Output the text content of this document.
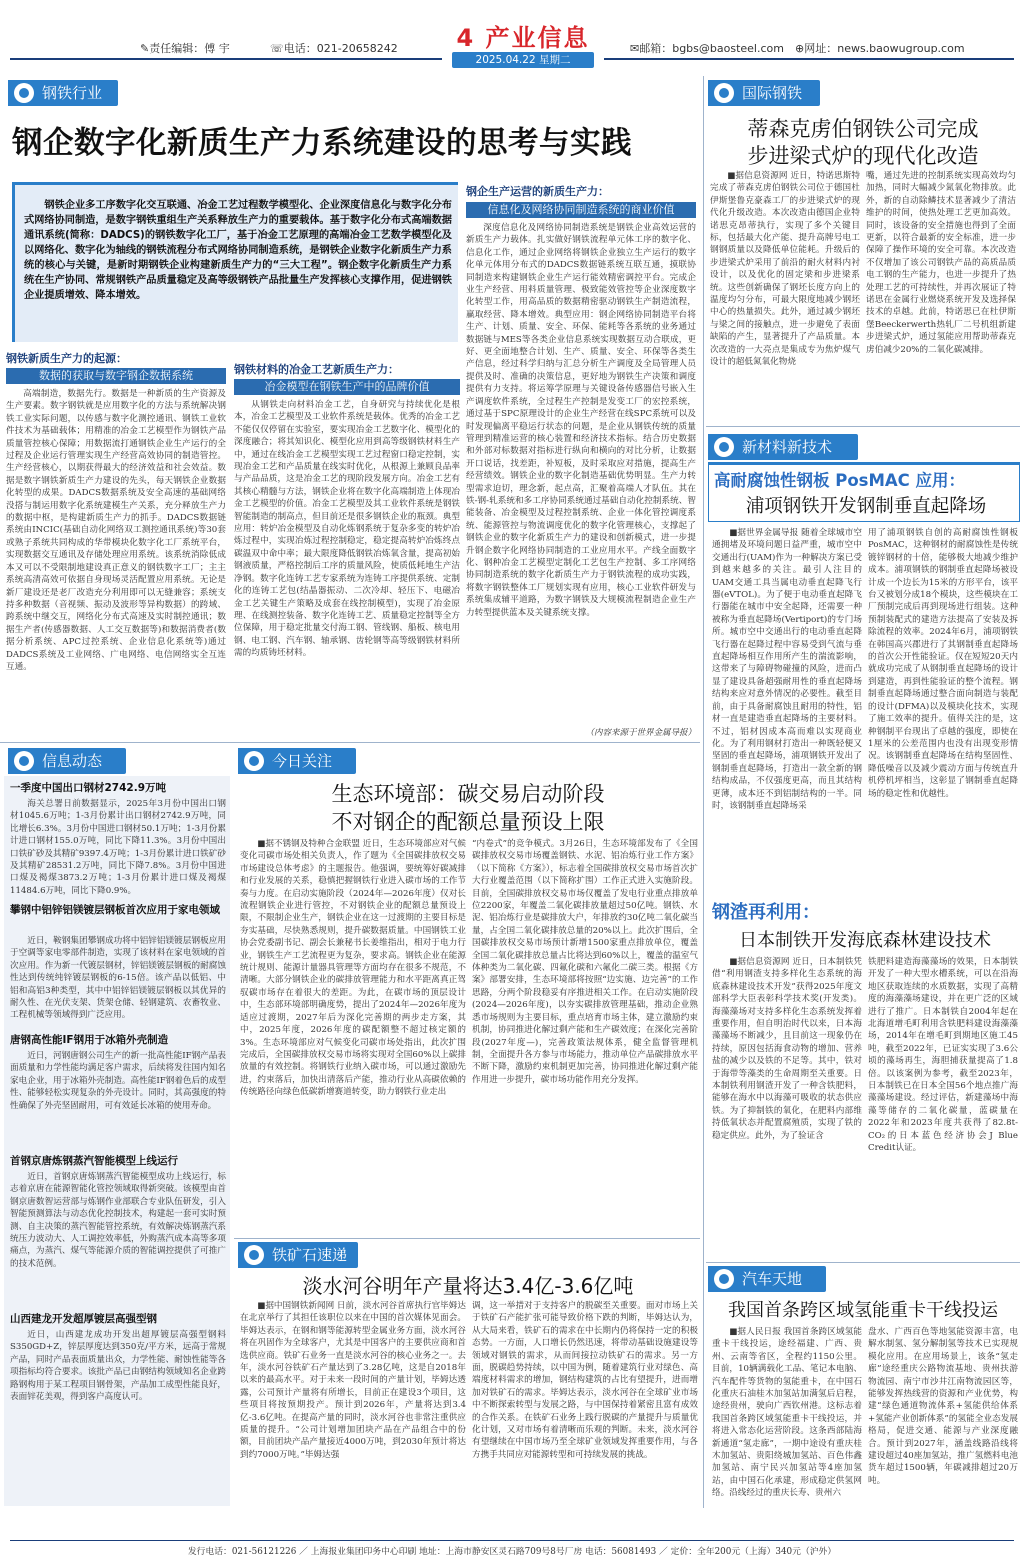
✎责任编辑：傅 宇	☏电话：021-20658242	4 产业信息
2025.04.22 星期二
✉邮箱：bgbs@baosteel.com ⊕网址：news.baowugroup.com
钢铁行业
钢企数字化新质生产力系统建设的思考与实践
钢铁企业多工序数字化交互联通、冶金工艺过程数学模型化、企业深度信息化与数字化分布式网络协同制造，是数字钢铁重组生产关系释放生产力的重要载体。基于数字化分布式高端数据通讯系统(简称：DADCS)的钢铁数字化工厂，基于冶金工艺原理的高端冶金工艺数学模型化及以网络化、数字化为轴线的钢铁流程分布式网络协同制造系统，是钢铁企业数字化新质生产力系统的核心与关键，是新时期钢铁企业构建新质生产力的“三大工程”。钢企数字化新质生产力系统在生产协同、常规钢铁产品质量稳定及高等级钢铁产品批量生产发挥核心支撑作用，促进钢铁企业提质增效、降本增效。
钢铁新质生产力的起源：
数据的获取与数字钢企数据系统
高端制造，数据先行。数据是一种新质的生产资源及生产要素。数字钢铁就是应用数字化的方法与系统解决钢铁工业实际问题，以传感与数字化测控通讯、钢铁工业软件技术为基础载体；用精准的冶金工艺模型作为钢铁产品质量管控核心保障；用数据流打通钢铁企业生产运行的全过程及企业运行管理实现生产经营高效协同的制造管控。生产经营核心，以期获得最大的经济效益和社会效益。数据是数字钢铁新质生产力建设的先头，每天钢铁企业数据化转型的成果。DADCS数据系统及安全高速的基础网络没搭与制运用数字化系统建模生产关系，充分释放生产力的数据中枢，是构建新质生产力的抓手。DADCS数据链系统由INCIC(基础自动化网络双工测控通讯系统)等30套或熟子系统共同构成的华带模块化数字化工厂系统平台，实现数据交互通讯及存储处理应用系统。该系统消除低成本又可以不受限制地建设真正意义的钢铁数字工厂；主主系统高清高效可依据自身现场灵活配置应用系统。无论是新厂建设还是老厂改造充分利用即可以无缝兼容；系统支持多种数据（音视频、振动及波形等异构数据）的跨域、跨系统中继交互，网络化分布式高速及实时制控通讯；数据生产者(传感器数据、人工交互数据等)和数据消费者(数据分析系统、APC过控系统、企业信息化系统等)通过DADCS系统及工业网络、广电网络、电信网络实全互连互通。
钢铁材料的冶金工艺新质生产力：
冶金模型在钢铁生产中的品牌价值
从钢铁走向材料冶金工艺，自身研究与持续优化是根本，冶金工艺模型及工业软件系统是载体。优秀的冶金工艺不能仅仅停留在实验室，要实现冶金工艺数字化、模型化的深度融合；将其知识化、模型化应用到高等级钢铁材料生产中，通过在线冶金工艺模型实现工艺过程窗口稳定控制，实现冶金工艺和产品质量在线实时优化，从根源上兼顾良品率与产品品质，这是冶金工艺的现阶段发展方向。冶金工艺有其核心精髓与方法，钢铁企业将在数字化高端制造上体现冶金工艺模型的价值。冶金工艺模型及其工业软件系统是钢铁智能制造的制高点，但目前还是很多钢铁企业的瓶颈。典型应用：转炉冶金模型及自动化炼钢系统于复杂多变的转炉冶炼过程中，实现冶炼过程控制稳定，稳定提高转炉冶炼终点碳温双中命中率；最大限度降低钢铁冶炼氧含量，提高初始钢液质量，严格控制后工序的质量风险，使质低耗地生产洁净钢。数字化连铸工艺专家系统为连铸工序提供系统、定制化的连铸工艺包(结晶器振动、二次冷却、轻压下、电磁冶金工艺关键生产策略及成套在线控制模型)，实现了冶金原理、在线测控装备、数字化连铸工艺、质量稳定控制等全方位保障，用于稳定批量交付海工钢、管线钢、船板、核电用钢、电工钢、汽车钢、轴承钢、齿轮钢等高等级钢铁材料所需的均质铸坯材料。
钢企生产运营的新质生产力：
信息化及网络协同制造系统的商业价值
深度信息化及网络协同制造系统是钢铁企业高效运营的新质生产力载体。扎实做好钢铁流程单元体工序的数字化、信息化工作，通过企业网络将钢铁企业独立生产运行的数字化单元体用分布式的DADCS数据链系统互联互通，摸联协同制造来构建钢铁企业生产运行能效精密调控平台。完成企业生产经营、用料质量管理、极致能效管控等企业深度数字化转型工作，用高品质的数据精密驱动钢铁生产制造流程，赢取经营、降本增效。典型应用：钢企网络协同制造平台将生产、计划、质量、安全、环保、能耗等各系统的业务通过数据链与MES等各类企业信息系统实现数据互动合联成，更好、更全面地整合计划、生产、质量、安全、环保等各类生产信息，经过科学归纳与汇总分析生产调度及全局管理人员提供及时、准确的决策信息，更好地为钢铁生产决策和调度提供有力支持。将运筹学原理与关键设备传感器信号嵌入生产调度软件系统，全过程生产控制是发变工厂的宏控系统，通过基于SPC原理设计的企业生产经营在线SPC系统可以及时发现偏离平稳运行状态的问题，是企业从钢铁传统的质量管理到精准运营的核心装置和经济技术指标。结合历史数据和外部对标数据对指标进行纵向和横向的对比分析，让数据开口说话，找差距，补短板，及时采取应对措施，提高生产经营绩效。钢铁企业的数字化制造基础优势明显。生产力转型需求迫切，理念新，起点高，汇聚着高端人才队伍。其在铁-钢-轧系统和多工序协同系统通过基础自动化控制系统、智能装备、冶金模型及过程控制系统、企业一体化管控调度系统、能源管控与物流调度优化的数字化管理核心，支撑起了钢铁企业的数字化新质生产力的建设和创新模式，进一步提升钢企数字化网络协同制造的工业应用水平。产线全面数字化、钢种冶金工艺模型定制化工艺包生产控制、多工序网络协同制造系统的数字化新质生产力于钢铁流程的成功实践，将数字钢铁整体工厂规划实现有应用，核心工业软件研发与系统集成辅平道路，为数字钢铁及大规模流程制造企业生产力转型提供蓝本及关键系统支撑。
（内容来源于世界金属导报）
国际钢铁
蒂森克虏伯钢铁公司完成
步进梁式炉的现代化改造
■据信息资源网 近日，特诺思斯特完成了蒂森克虏伯钢铁公司位于德国杜伊斯堡鲁克豪森工厂的步进梁式炉的现代化升级改造。本次改造由德国企业特诺思克昂蒂执行，实现了多个关键目标，包括最大化产能、提升高牌号电工钢钢质量以及降低单位能耗。升级后的步进梁式炉采用了前沿的耐火材料内衬设计，以及优化的固定梁和步进梁系统。这些创新确保了钢坯长度方向上的温度均匀分布，可最大限度地减少钢坯中心的热量损失。此外，通过减少钢坯与梁之间的接触点，进一步避免了表面缺陷的产生，显著提升了产品质量。本次改造的一大亮点是集成专为焦炉煤气设计的超低氮氧化物烧
嘴，通过先进的控制系统实现高效均匀加热，同时大幅减少氮氧化物排放。此外，新的自动除鳞技术显著减少了清洁维护的时间，使热处理工艺更加高效。同时，该设备的安全措施也得到了全面更新，以符合最新的安全标准，进一步保障了操作环境的安全可靠。本次改造不仅增加了该公司钢铁产品的高质品质电工钢的生产能力，也进一步提升了热处理工艺的可持续性，并再次展证了特诺思在金属行业燃烧系统开发及选择保技术的卓越。此前，特诺思已在杜伊斯堡Beeckerwerth热轧厂二号机组新建步进梁式炉，通过氢能应用帮助蒂森克虏伯减少20%的二氧化碳减排。
新材料新技术
高耐腐蚀性钢板 PosMAC 应用：
浦项钢铁开发钢制垂直起降场
■据世界金属导报 随着全球城市空通拥堵及环境问题日益严重，城市空中交通出行(UAM)作为一种解决方案已受到越来越多的关注。最引人注目的UAM交通工具当属电动垂直起降飞行器(eVTOL)。为了便于电动垂直起降飞行器能在城市中安全起降，还需要一种被称为垂直起降场(Vertiport)的专门场所。城市空中交通出行的电动垂直起降飞行器在起降过程中容易受到气流与垂直起降场相互作用所产生的湍流影响，这带来了与障碍物碰撞的风险，进而凸显了建设具备超强耐用性的垂直起降场结构来应对意外情况的必要性。截至目前，由于具备耐腐蚀且耐用的特性，铝材一直是建造垂直起降场的主要材料。不过，铝材因成本高而难以实现商业化。为了利用钢材打造出一种既轻便又坚固的垂直起降场，浦项钢铁开发出了钢制垂直起降场，打造出一款全新的钢结构成品，不仅强度更高，而且其结构更薄，成本还不到铝制结构的一半。同时，该钢制垂直起降场采
用了浦项钢铁自创的高耐腐蚀性钢板PosMAC，这种钢材的耐腐蚀性是传统镀锌钢材的十倍，能够极大地减少维护成本。浦项钢铁的钢制垂直起降场被设计成一个边长为15米的方形平台，该平台又被划分成18个模块，这些模块在工厂预制完成后再到现场进行组装。这种预制装配式的建造方法提高了安装及拆除流程的效率。2024年6月，浦项钢铁在韩国高兴郡进行了其钢制垂直起降场的首次公开性能验证。仅在短短20天内就成功完成了从钢制垂直起降场的设计到建造，再到性能验证的整个流程。钢制垂直起降场通过整合面向制造与装配的设计(DFMA)以及模块化技术，实现了施工效率的提升。值得关注的是，这种钢制平台现出了卓越的强度，即使在1厘米的公差范围内也没有出现变形情况。该钢制垂直起降场在结构坚固性、降低噪音以及减少震动方面与传统直升机停机坪相当，这彰显了钢制垂直起降场的稳定性和优越性。
钢渣再利用：
日本制铁开发海底森林建设技术
■据信息资源网 近日，日本制铁凭借“利用钢渣支持多样化生态系统的海底森林建设技术开发”获得2025年度文部科学大臣表彰科学技术奖(开发类)。海藻藻场对支持多样化生态系统发挥着重要作用，但自明治时代以来，日本海藻藻场不断减少，且目前这一现象仍在持续，原因包括海食动物的增加、营养盐的减少以及铁的不足等。其中，铁对于海带等藻类的生命周期至关重要。日本制铁利用钢渣开发了一种含铁肥料，能够在海水中以海藻可吸收的状态供应铁。为了抑制铁的氧化，在肥料内部维持低氧状态并配置腐殖质，实现了铁的稳定供应。此外，为了验证含
铁肥料建造海藻藻场的效果，日本制铁开发了一种大型水槽系统，可以在沿海地区获取连续的水质数据，实现了高精度的海藻藻场建设，并在更广泛的区域进行了推广。日本制铁自2004年起在北海道增毛町利用含铁肥料建设海藻藻场，2014年在增毛町到期地区施工45吨，截至2022年，已证实实现了3.6公顷的藻场再生，海胆捕获量提高了1.8倍。以该案例为参考，截至2023年，日本制铁已在日本全国56个地点推广海藻藻场建设。经过评估，新建藻场中海藻等储存的二氧化碳量，蓝碳量在2022年和2023年度共获得了82.8t-CO₂的日本蓝色经济协会J Blue Credit认证。
信息动态
一季度中国出口钢材2742.9万吨
海关总署日前数据显示，2025年3月份中国出口钢材1045.6万吨；1-3月份累计出口钢材2742.9万吨，同比增长6.3%。3月份中国进口钢材50.1万吨；1-3月份累计进口钢材155.0万吨，同比下降11.3%。3月份中国出口铁矿砂及其精矿9397.4万吨；1-3月份累计进口铁矿砂及其精矿28531.2万吨，同比下降7.8%。3月份中国进口煤及褐煤3873.2万吨；1-3月份累计进口煤及褐煤11484.6万吨，同比下降0.9%。
攀钢中铝锌铝镁镀层钢板首次应用于家电领域
近日，鞍钢集团攀钢成功将中铝锌铝镁镀层钢板应用于空调等家电零部件制造，实现了该材料在家电领域的首次应用。作为新一代镀层钢材，锌铝镁镀层钢板的耐腐蚀性达到传统纯锌镀层钢板的6-15倍。该产品以低铝、中铝和高铝3种类型，其中中铝锌铝镁镀层钢板以其优异的耐久性、在光伏支架、货架仓储、轻钢建筑、农畜牧业、工程机械等领域得到广泛应用。
唐钢高性能IF钢用于冰箱外壳制造
近日，河钢唐钢公司生产的新一批高性能IF钢产品表面质量和力学性能均满足客户需求，后续将发往国内知名家电企业，用于冰箱外壳制造。高性能IF钢着色后的成型性、能够轻松实现复杂的外壳设计。同时，其高强度的特性确保了外壳坚固耐用，可有效延长冰箱的使用寿命。
首钢京唐炼钢蒸汽智能模型上线运行
近日，首钢京唐炼钢蒸汽智能模型成功上线运行，标志着京唐在能源智能化管控领域取得新突破。该模型由首钢京唐数智运营部与炼钢作业部联合专业队伍研发，引入智能预测算法与动态优化控制技术，构建起一套可实时预测、自主决策的蒸汽智能管控系统，有效解决炼钢蒸汽系统压力波动大、人工调控效率低，外购蒸汽成本高等多项痛点，为蒸汽、煤气等能源介质的智能调控提供了可推广的技术范例。
山西建龙开发超厚镀层高强型钢
近日，山西建龙成功开发出超厚镀层高强型钢料S350GD+Z，锌层厚度达到350克/平方米，远高于常规产品，同时产品表面质量出众，力学性能、耐蚀性能等各项指标均符合要求。该批产品已由钢结构领域知名企业跨路钢构用于某工程项目钢骨架，产品加工成型性能良好，表面锌花美观，得到客户高度认可。
今日关注
生态环境部：碳交易启动阶段
不对钢企的配额总量预设上限
■据不锈钢及特种合金联盟 近日，生态环境部应对气候变化司碳市场处相关负责人，作了题为《全国碳排放权交易市场建设总体考虑》的主题报告。他强调，要统筹好碳减排和行业发展的关系，稳慎把握钢铁行业进入碳市场的工作节奏与力度。在启动实施阶段（2024年—2026年度）仅对长流程钢铁企业进行管控，不对钢铁企业的配额总量预设上限，不限制企业生产，钢铁企业在这一过渡期的主要目标是夯实基础，尽快熟悉规则，提升碳数据质量。中国钢铁工业协会党委副书记、副会长兼秘书长姜维指出，相对于电力行业，钢铁生产工艺流程更为复杂，要求高。钢铁企业在能源统计规则、能源计量器具管理等方面均存在很多不规范，不清晰。大部分钢铁企业的碳排放管理能力和水平距离真正驾驭碳市场存在着很大的差距。为此，在碳市场的顶层设计中，生态部环境部明确度势，提出了2024年—2026年度为适应过渡期，2027年后为深化完善期的两步走方案，其中，2025年度，2026年度的碳配额整不超过核定额的3%。生态环境部应对气候变化司碳市场处指出，此次扩围完成后，全国碳排放权交易市场将实现对全国60%以上碳排放量的有效控制。将钢铁行业纳入碳市场，可以通过激励先进，约束落后，加快出清落后产能，推动行业从高碳依赖的传统路径向绿色低碳新增赛道转变，助力钢铁行业走出
“内卷式”的竞争模式。3月26日，生态环境部发布了《全国碳排放权交易市场覆盖钢铁、水泥、铝冶炼行业工作方案》（以下简称《方案》），标志着全国碳排放权交易市场首次扩大行业覆盖范围（以下简称扩围）工作正式进入实施阶段。目前，全国碳排放权交易市场仅覆盖了发电行业重点排放单位2200家，年覆盖二氧化碳排放量超过50亿吨。钢铁、水泥、铝冶炼行业是碳排放大户，年排放约30亿吨二氧化碳当量，占全国二氧化碳排放总量的20%以上。此次扩围后，全国碳排放权交易市场预计新增1500家重点排放单位，覆盖全国二氧化碳排放总量占比将达到60%以上，覆盖的温室气体种类为二氧化碳、四氟化碳和六氟化二碳三类。根据《方案》部署安排，生态环境部将按照“边实施、边完善”的工作思路，分两个阶段稳妥有序推进相关工作。在启动实施阶段(2024—2026年度)，以夯实碳排放管理基础，推动企业熟悉市场规则为主要目标，重点培育市场主体，建立激励约束机制，协同推进化解过剩产能和生产碳效度；在深化完善阶段(2027年度—)，完善政策法规体系，健全监督管理机制，全面提升各方参与市场能力，推动单位产品碳排放水平不断下降，激励约束机制更加完善，协同推进化解过剩产能作用进一步提升，碳市场功能作用充分发挥。
铁矿石速递
淡水河谷明年产量将达3.4亿-3.6亿吨
■据中国钢铁新闻网 日前，淡水河谷首席执行官毕姆达在北京举行了其担任该职位以来在中国的首次媒体见面会。毕姆达表示，在钢和钢等能源转型金属业务方面，淡水河谷将在巩固作为全球客户，尤其是中国客户的主要供应商和首选供应商。铁矿石业务一直是淡水河谷的核心业务之一。去年，淡水河谷铁矿石产量达到了3.28亿吨，这是自2018年以来的最高水平。对于未来一段时间的产量计划，毕姆达透露，公司预计产量将有所增长，目前正在建设3个项目，这些项目将按预期投产。预计到2026年，产量将达到3.4亿-3.6亿吨。在提高产量的同时，淡水河谷也非常注重供应质量的提升。“公司计划增加团块产品在产品组合中的份额，目前团块产品产量接近4000万吨，到2030年预计将达到约7000万吨。”毕姆达强
调，这一举措对于支持客户的脱碳至关重要。面对市场上关于铁矿石产能扩张可能导致价格下跌的判断，毕姆达认为，从大局来看，铁矿石的需求在中长期内仍将保持一定的积极态势。一方面，人口增长仍然迅速，将带动基础设施建设等领域对钢铁的需求，从而间接拉动铁矿石的需求。另一方面，脱碳趋势持续，以中国为例，随着建筑行业对绿色、高端度材料需求的增加，钢结构建筑的占比有望提升，进而增加对铁矿石的需求。毕姆达表示，淡水河谷在全球矿业市场中不断探索转型与发展之路，与中国保持着紧密且富有成效的合作关系。在铁矿石业务上践行脱碳的产量提升与质量优化计划，又对市场有着清晰而乐观的判断。未来，淡水河谷有望继续在中国市场乃至全球矿业领域发挥重要作用，与各方携手共同应对能源转型和可持续发展的挑战。
汽车天地
我国首条跨区域氢能重卡干线投运
■据人民日报 我国首条跨区域氢能重卡干线投运，途经福建、广西、贵州、云南等省区，全程约1150公里。目前，10辆满载化工品、笔记本电脑、汽车配件等货物的氢能重卡，在中国石化重庆石油桂木加氢站加满氢后启程，途经贵州，驶向广西钦州港。这标志着我国首条跨区域氢能重卡干线投运，并将进入常态化运营阶段。这条西部陆海新通道“氢走廊”，一期中途设有重庆桂木加氢站、贵阳绕城加氢站、百色伟鑫加氢站、南宁民兴加氢站等4座加氢站，由中国石化承建，形成稳定供氢网络。沿线经过的重庆长寿、贵州六
盘水、广西百色等地氢能资源丰富，电解水制氢、氢分解制氢等技术已实现规模化应用。在应用场景上，该条“氢走廊”途经重庆公路物流基地、贵州扶游物流园、南宁市沙井江南物流园区等，能够发挥热线营的资源和产业优势，构建“绿色通道物流体系+氢能供给体系+氢能产业创新体系”的氢能全业态发展格局，促进交通、能源与产业深度融合。预计到2027年，涵盖线路沿线将建设超过40座加氢站，推广氢燃料电池货车超过1500辆，年碳减排超过20万吨。
发行电话：021-56121226 ／ 上海报业集团印务中心印刷 地址：上海市静安区灵石路709号8号厂房 电话：56081493 ／ 定价：全年200元（上海）340元（沪外）
